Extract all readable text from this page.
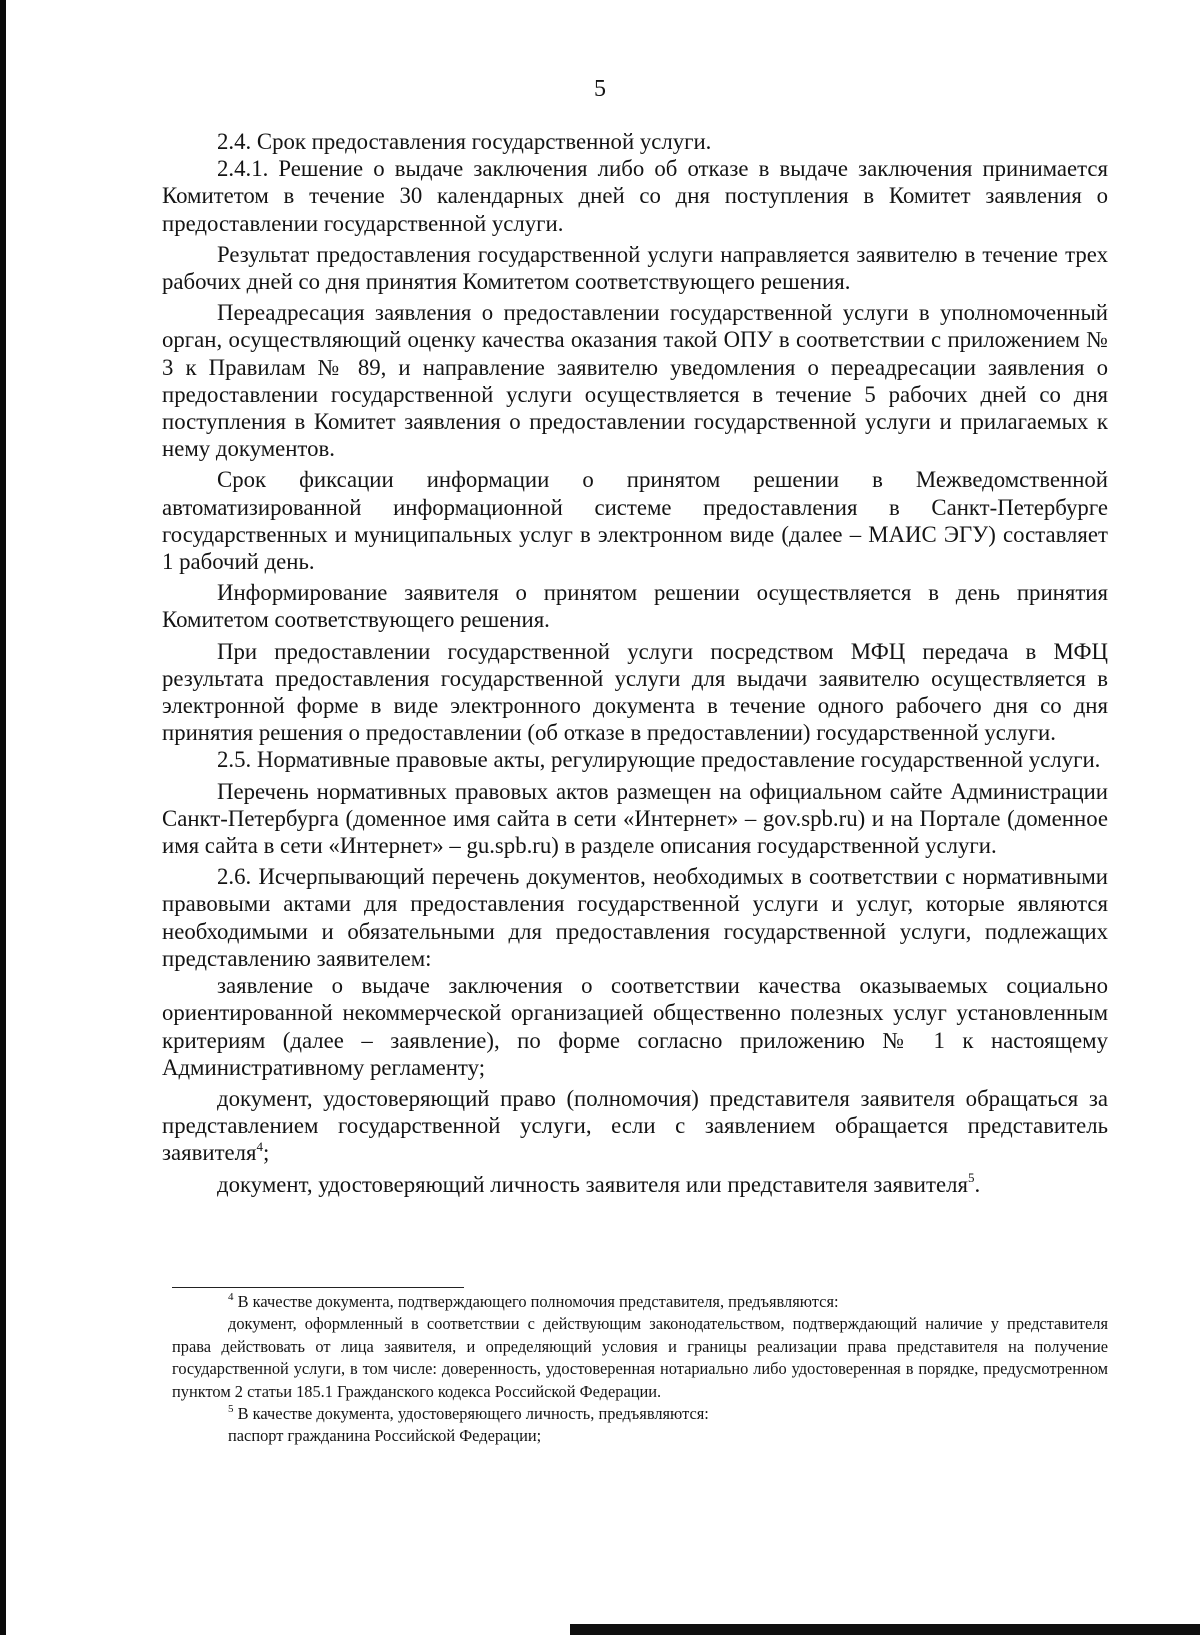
5

2.4. Срок предоставления государственной услуги.

2.4.1. Решение о выдаче заключения либо об отказе в выдаче заключения принимается Комитетом в течение 30 календарных дней со дня поступления в Комитет заявления о предоставлении государственной услуги.

Результат предоставления государственной услуги направляется заявителю в течение трех рабочих дней со дня принятия Комитетом соответствующего решения.

Переадресация заявления о предоставлении государственной услуги в уполномоченный орган, осуществляющий оценку качества оказания такой ОПУ в соответствии с приложением № 3 к Правилам № 89, и направление заявителю уведомления о переадресации заявления о предоставлении государственной услуги осуществляется в течение 5 рабочих дней со дня поступления в Комитет заявления о предоставлении государственной услуги и прилагаемых к нему документов.

Срок фиксации информации о принятом решении в Межведомственной автоматизированной информационной системе предоставления в Санкт-Петербурге государственных и муниципальных услуг в электронном виде (далее – МАИС ЭГУ) составляет 1 рабочий день.

Информирование заявителя о принятом решении осуществляется в день принятия Комитетом соответствующего решения.

При предоставлении государственной услуги посредством МФЦ передача в МФЦ результата предоставления государственной услуги для выдачи заявителю осуществляется в электронной форме в виде электронного документа в течение одного рабочего дня со дня принятия решения о предоставлении (об отказе в предоставлении) государственной услуги.

2.5. Нормативные правовые акты, регулирующие предоставление государственной услуги.

Перечень нормативных правовых актов размещен на официальном сайте Администрации Санкт-Петербурга (доменное имя сайта в сети «Интернет» – gov.spb.ru) и на Портале (доменное имя сайта в сети «Интернет» – gu.spb.ru) в разделе описания государственной услуги.

2.6. Исчерпывающий перечень документов, необходимых в соответствии с нормативными правовыми актами для предоставления государственной услуги и услуг, которые являются необходимыми и обязательными для предоставления государственной услуги, подлежащих представлению заявителем:

заявление о выдаче заключения о соответствии качества оказываемых социально ориентированной некоммерческой организацией общественно полезных услуг установленным критериям (далее – заявление), по форме согласно приложению № 1 к настоящему Административному регламенту;

документ, удостоверяющий право (полномочия) представителя заявителя обращаться за представлением государственной услуги, если с заявлением обращается представитель заявителя$^4$;

документ, удостоверяющий личность заявителя или представителя заявителя$^5$.

$^4$ В качестве документа, подтверждающего полномочия представителя, предъявляются:

документ, оформленный в соответствии с действующим законодательством, подтверждающий наличие у представителя права действовать от лица заявителя, и определяющий условия и границы реализации права представителя на получение государственной услуги, в том числе: доверенность, удостоверенная нотариально либо удостоверенная в порядке, предусмотренном пунктом 2 статьи 185.1 Гражданского кодекса Российской Федерации.

$^5$ В качестве документа, удостоверяющего личность, предъявляются:

паспорт гражданина Российской Федерации;
